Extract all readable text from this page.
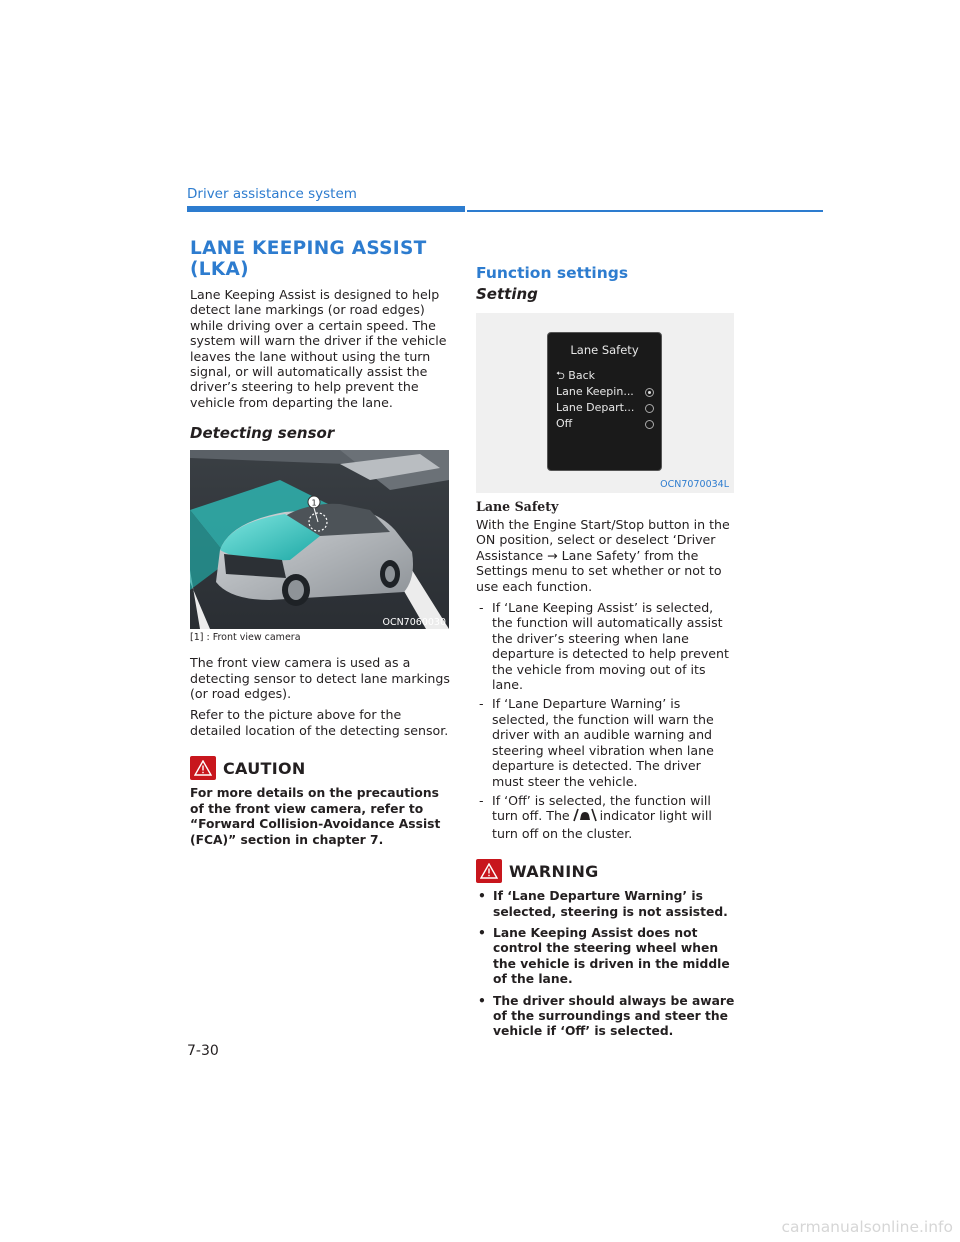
Driver assistance system
LANE KEEPING ASSIST (LKA)

Lane Keeping Assist is designed to help detect lane markings (or road edges) while driving over a certain speed. The system will warn the driver if the vehicle leaves the lane without using the turn signal, or will automatically assist the driver’s steering to help prevent the vehicle from departing the lane.

Detecting sensor
1
OCN7060030
[1] : Front view camera

The front view camera is used as a detecting sensor to detect lane markings (or road edges).

Refer to the picture above for the detailed location of the detecting sensor.

CAUTION

For more details on the precautions of the front view camera, refer to “Forward Collision-Avoidance Assist (FCA)” section in chapter 7.

Function settings
Setting
Lane Safety
⮌ Back
Lane Keepin...
Lane Depart...
Off
OCN7070034L
Lane Safety

With the Engine Start/Stop button in the ON position, select or deselect ‘Driver Assistance → Lane Safety’ from the Settings menu to set whether or not to use each function.

- If ‘Lane Keeping Assist’ is selected, the function will automatically assist the driver’s steering when lane departure is detected to help prevent the vehicle from moving out of its lane.
- If ‘Lane Departure Warning’ is selected, the function will warn the driver with an audible warning and steering wheel vibration when lane departure is detected. The driver must steer the vehicle.
- If ‘Off’ is selected, the function will turn off. The indicator light will turn off on the cluster.
WARNING
• If ‘Lane Departure Warning’ is selected, steering is not assisted.
• Lane Keeping Assist does not control the steering wheel when the vehicle is driven in the middle of the lane.
• The driver should always be aware of the surroundings and steer the vehicle if ‘Off’ is selected.
7-30
carmanualsonline.info
